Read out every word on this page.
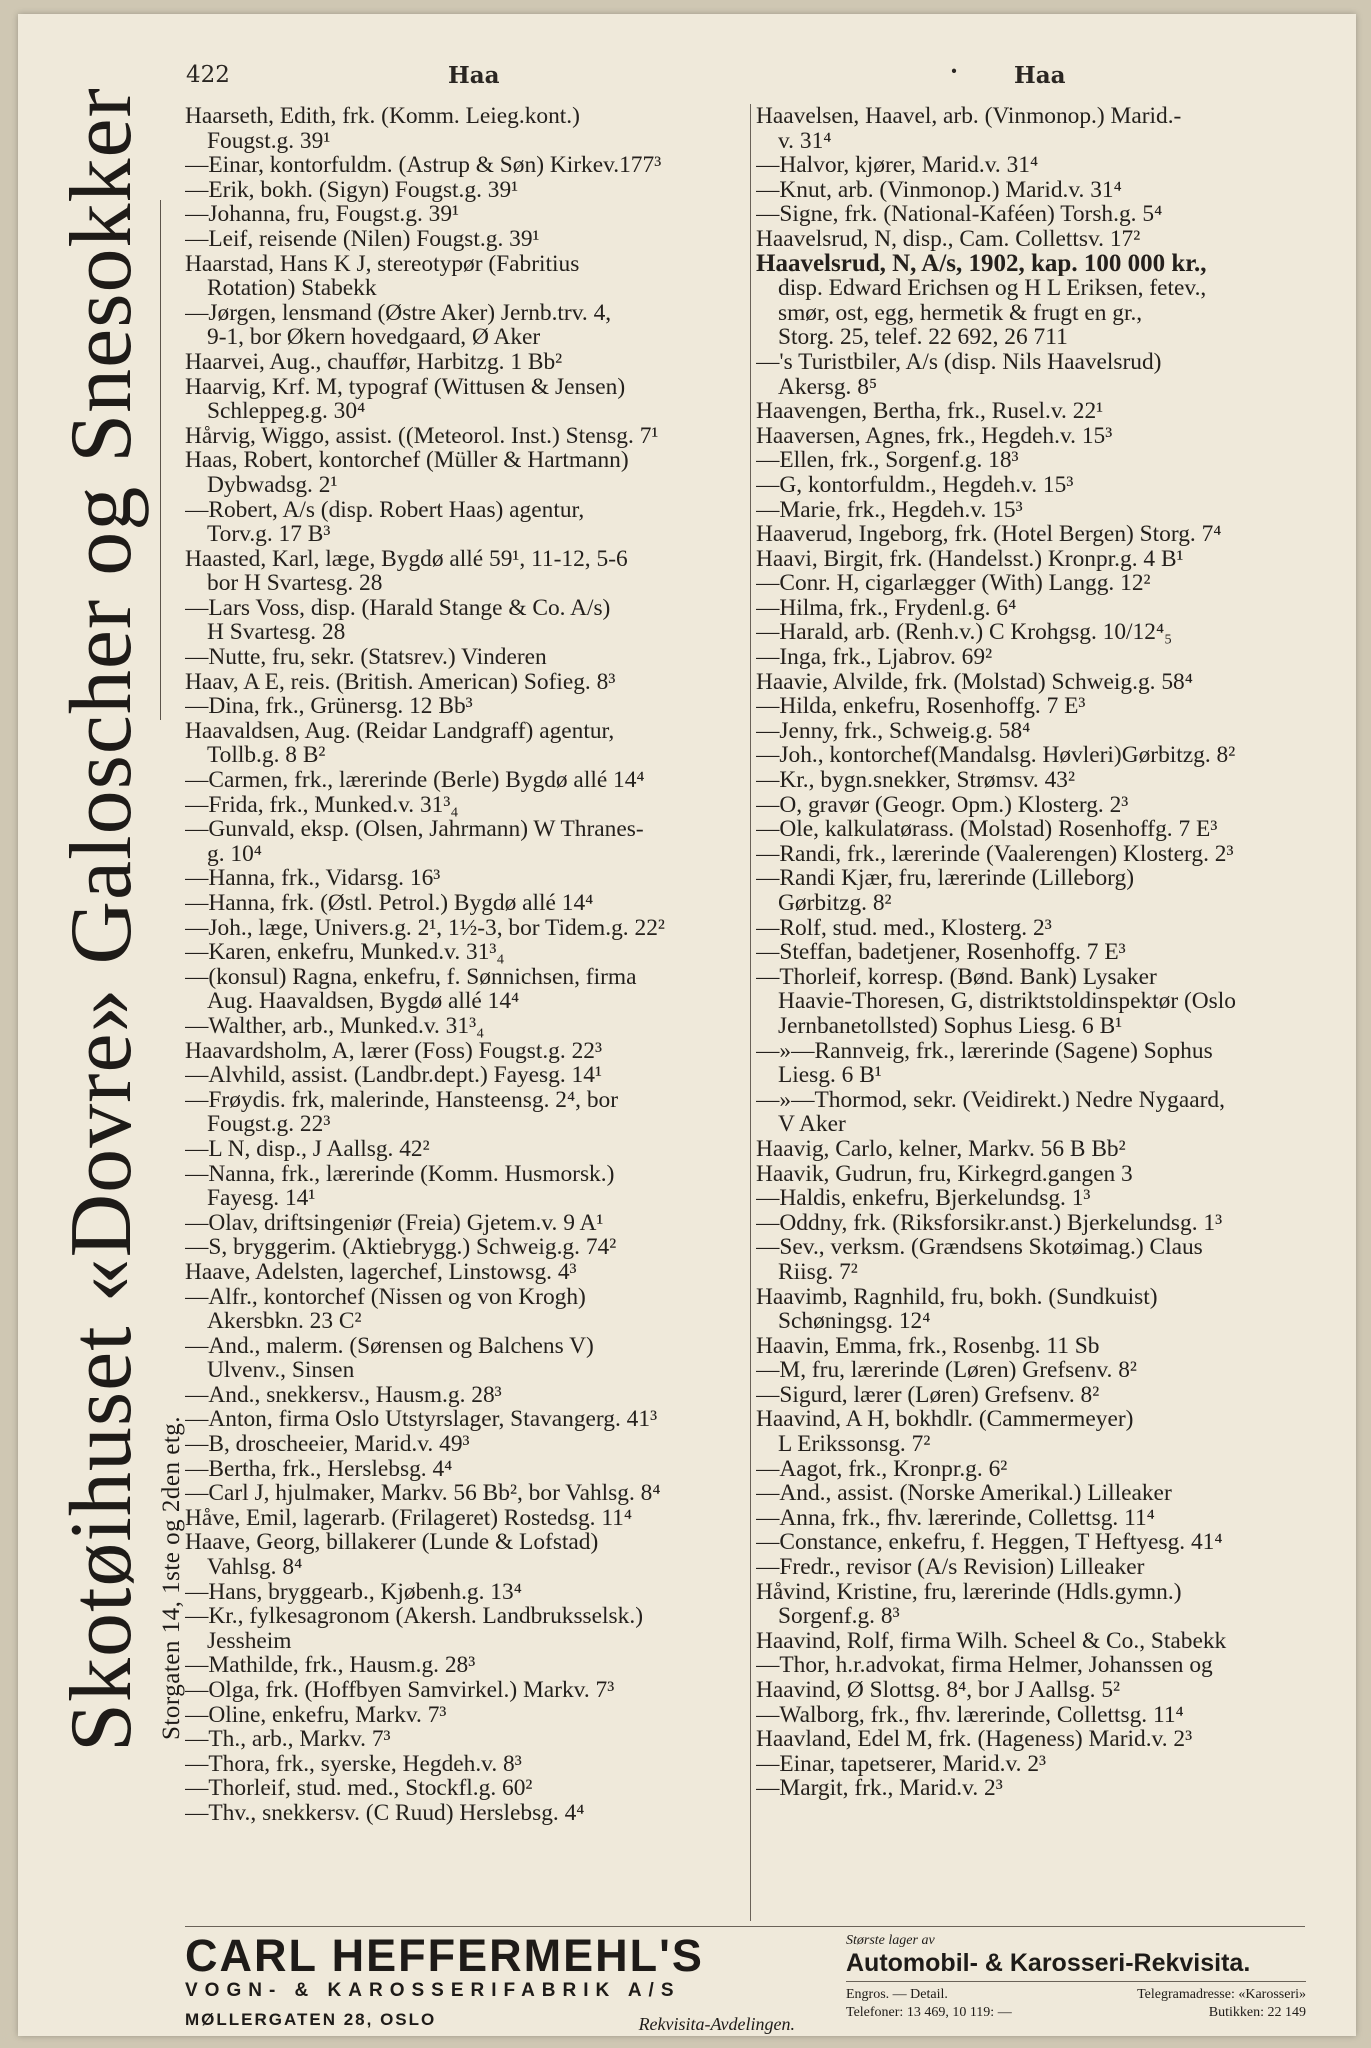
422	Haa	· Haa
Skotøihuset «Dovre» Galoscher og Snesokker Storgaten 14, 1ste og 2den etg.
Haarseth, Edith, frk. (Komm. Leieg.kont.)
Fougst.g. 39¹
—Einar, kontorfuldm. (Astrup & Søn) Kirkev.177³
—Erik, bokh. (Sigyn) Fougst.g. 39¹
—Johanna, fru, Fougst.g. 39¹
—Leif, reisende (Nilen) Fougst.g. 39¹
Haarstad, Hans K J, stereotypør (Fabritius
Rotation) Stabekk
—Jørgen, lensmand (Østre Aker) Jernb.trv. 4,
9-1, bor Økern hovedgaard, Ø Aker
Haarvei, Aug., chauffør, Harbitzg. 1 Bb²
Haarvig, Krf. M, typograf (Wittusen & Jensen)
Schleppeg.g. 30⁴
Hårvig, Wiggo, assist. ((Meteorol. Inst.) Stensg. 7¹
Haas, Robert, kontorchef (Müller & Hartmann)
Dybwadsg. 2¹
—Robert, A/s (disp. Robert Haas) agentur,
Torv.g. 17 B³
Haasted, Karl, læge, Bygdø allé 59¹, 11-12, 5-6
bor H Svartesg. 28
—Lars Voss, disp. (Harald Stange & Co. A/s)
H Svartesg. 28
—Nutte, fru, sekr. (Statsrev.) Vinderen
Haav, A E, reis. (British. American) Sofieg. 8³
—Dina, frk., Grünersg. 12 Bb³
Haavaldsen, Aug. (Reidar Landgraff) agentur,
Tollb.g. 8 B²
—Carmen, frk., lærerinde (Berle) Bygdø allé 14⁴
—Frida, frk., Munked.v. 31³₄
—Gunvald, eksp. (Olsen, Jahrmann) W Thranes-
g. 10⁴
—Hanna, frk., Vidarsg. 16³
—Hanna, frk. (Østl. Petrol.) Bygdø allé 14⁴
—Joh., læge, Univers.g. 2¹, 1½-3, bor Tidem.g. 22²
—Karen, enkefru, Munked.v. 31³₄
—(konsul) Ragna, enkefru, f. Sønnichsen, firma
Aug. Haavaldsen, Bygdø allé 14⁴
—Walther, arb., Munked.v. 31³₄
Haavardsholm, A, lærer (Foss) Fougst.g. 22³
—Alvhild, assist. (Landbr.dept.) Fayesg. 14¹
—Frøydis. frk, malerinde, Hansteensg. 2⁴, bor
Fougst.g. 22³
—L N, disp., J Aallsg. 42²
—Nanna, frk., lærerinde (Komm. Husmorsk.)
Fayesg. 14¹
—Olav, driftsingeniør (Freia) Gjetem.v. 9 A¹
—S, bryggerim. (Aktiebrygg.) Schweig.g. 74²
Haave, Adelsten, lagerchef, Linstowsg. 4³
—Alfr., kontorchef (Nissen og von Krogh)
Akersbkn. 23 C²
—And., malerm. (Sørensen og Balchens V)
Ulvenv., Sinsen
—And., snekkersv., Hausm.g. 28³
—Anton, firma Oslo Utstyrslager, Stavangerg. 41³
—B, droscheeier, Marid.v. 49³
—Bertha, frk., Herslebsg. 4⁴
—Carl J, hjulmaker, Markv. 56 Bb², bor Vahlsg. 8⁴
Håve, Emil, lagerarb. (Frilageret) Rostedsg. 11⁴
Haave, Georg, billakerer (Lunde & Lofstad)
Vahlsg. 8⁴
—Hans, bryggearb., Kjøbenh.g. 13⁴
—Kr., fylkesagronom (Akersh. Landbruksselsk.)
Jessheim
—Mathilde, frk., Hausm.g. 28³
—Olga, frk. (Hoffbyen Samvirkel.) Markv. 7³
—Oline, enkefru, Markv. 7³
—Th., arb., Markv. 7³
—Thora, frk., syerske, Hegdeh.v. 8³
—Thorleif, stud. med., Stockfl.g. 60²
—Thv., snekkersv. (C Ruud) Herslebsg. 4⁴
Haavelsen, Haavel, arb. (Vinmonop.) Marid.-
v. 31⁴
—Halvor, kjører, Marid.v. 31⁴
—Knut, arb. (Vinmonop.) Marid.v. 31⁴
—Signe, frk. (National-Kaféen) Torsh.g. 5⁴
Haavelsrud, N, disp., Cam. Collettsv. 17²
Haavelsrud, N, A/s, 1902, kap. 100 000 kr.,
disp. Edward Erichsen og H L Eriksen, fetev.,
smør, ost, egg, hermetik & frugt en gr.,
Storg. 25, telef. 22 692, 26 711
—'s Turistbiler, A/s (disp. Nils Haavelsrud)
Akersg. 8⁵
Haavengen, Bertha, frk., Rusel.v. 22¹
Haaversen, Agnes, frk., Hegdeh.v. 15³
—Ellen, frk., Sorgenf.g. 18³
—G, kontorfuldm., Hegdeh.v. 15³
—Marie, frk., Hegdeh.v. 15³
Haaverud, Ingeborg, frk. (Hotel Bergen) Storg. 7⁴
Haavi, Birgit, frk. (Handelsst.) Kronpr.g. 4 B¹
—Conr. H, cigarlægger (With) Langg. 12²
—Hilma, frk., Frydenl.g. 6⁴
—Harald, arb. (Renh.v.) C Krohgsg. 10/12⁴₅
—Inga, frk., Ljabrov. 69²
Haavie, Alvilde, frk. (Molstad) Schweig.g. 58⁴
—Hilda, enkefru, Rosenhoffg. 7 E³
—Jenny, frk., Schweig.g. 58⁴
—Joh., kontorchef(Mandalsg. Høvleri)Gørbitzg. 8²
—Kr., bygn.snekker, Strømsv. 43²
—O, gravør (Geogr. Opm.) Klosterg. 2³
—Ole, kalkulatørass. (Molstad) Rosenhoffg. 7 E³
—Randi, frk., lærerinde (Vaalerengen) Klosterg. 2³
—Randi Kjær, fru, lærerinde (Lilleborg)
Gørbitzg. 8²
—Rolf, stud. med., Klosterg. 2³
—Steffan, badetjener, Rosenhoffg. 7 E³
—Thorleif, korresp. (Bønd. Bank) Lysaker
Haavie-Thoresen, G, distriktstoldinspektør (Oslo
Jernbanetollsted) Sophus Liesg. 6 B¹
—»—Rannveig, frk., lærerinde (Sagene) Sophus
Liesg. 6 B¹
—»—Thormod, sekr. (Veidirekt.) Nedre Nygaard,
V Aker
Haavig, Carlo, kelner, Markv. 56 B Bb²
Haavik, Gudrun, fru, Kirkegrd.gangen 3
—Haldis, enkefru, Bjerkelundsg. 1³
—Oddny, frk. (Riksforsikr.anst.) Bjerkelundsg. 1³
—Sev., verksm. (Grændsens Skotøimag.) Claus
Riisg. 7²
Haavimb, Ragnhild, fru, bokh. (Sundkuist)
Schøningsg. 12⁴
Haavin, Emma, frk., Rosenbg. 11 Sb
—M, fru, lærerinde (Løren) Grefsenv. 8²
—Sigurd, lærer (Løren) Grefsenv. 8²
Haavind, A H, bokhdlr. (Cammermeyer)
L Erikssonsg. 7²
—Aagot, frk., Kronpr.g. 6²
—And., assist. (Norske Amerikal.) Lilleaker
—Anna, frk., fhv. lærerinde, Collettsg. 11⁴
—Constance, enkefru, f. Heggen, T Heftyesg. 41⁴
—Fredr., revisor (A/s Revision) Lilleaker
Håvind, Kristine, fru, lærerinde (Hdls.gymn.)
Sorgenf.g. 8³
Haavind, Rolf, firma Wilh. Scheel & Co., Stabekk
—Thor, h.r.advokat, firma Helmer, Johanssen og
Haavind, Ø Slottsg. 8⁴, bor J Aallsg. 5²
—Walborg, frk., fhv. lærerinde, Collettsg. 11⁴
Haavland, Edel M, frk. (Hageness) Marid.v. 2³
—Einar, tapetserer, Marid.v. 2³
—Margit, frk., Marid.v. 2³
CARL HEFFERMEHL'S
VOGN- & KAROSSERIFABRIK A/S
MØLLERGATEN 28, OSLO	Rekvisita-Avdelingen.
Største lager av
Automobil- & Karosseri-Rekvisita.
Engros. — Detail.	Telegramadresse: «Karosseri»
Telefoner: 13 469, 10 119: —	Butikken: 22 149
